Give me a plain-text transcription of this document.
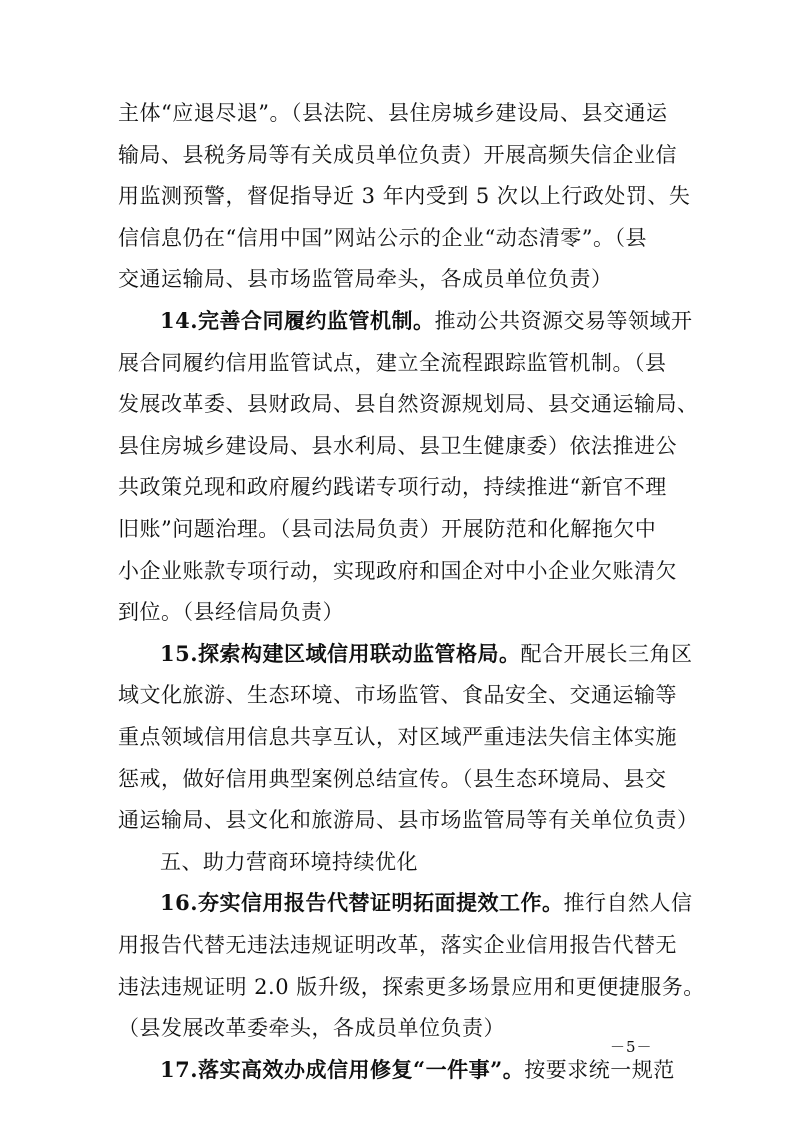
主体“应退尽退”。（县法院、县住房城乡建设局、县交通运
输局、县税务局等有关成员单位负责）开展高频失信企业信
用监测预警，督促指导近 3 年内受到 5 次以上行政处罚、失
信信息仍在“信用中国”网站公示的企业“动态清零”。（县
交通运输局、县市场监管局牵头，各成员单位负责）
14.完善合同履约监管机制。推动公共资源交易等领域开
展合同履约信用监管试点，建立全流程跟踪监管机制。（县
发展改革委、县财政局、县自然资源规划局、县交通运输局、
县住房城乡建设局、县水利局、县卫生健康委）依法推进公
共政策兑现和政府履约践诺专项行动，持续推进“新官不理
旧账”问题治理。（县司法局负责）开展防范和化解拖欠中
小企业账款专项行动，实现政府和国企对中小企业欠账清欠
到位。（县经信局负责）
15.探索构建区域信用联动监管格局。配合开展长三角区
域文化旅游、生态环境、市场监管、食品安全、交通运输等
重点领域信用信息共享互认，对区域严重违法失信主体实施
惩戒，做好信用典型案例总结宣传。（县生态环境局、县交
通运输局、县文化和旅游局、县市场监管局等有关单位负责）
五、助力营商环境持续优化
16.夯实信用报告代替证明拓面提效工作。推行自然人信
用报告代替无违法违规证明改革，落实企业信用报告代替无
违法违规证明 2.0 版升级，探索更多场景应用和更便捷服务。
（县发展改革委牵头，各成员单位负责）
17.落实高效办成信用修复“一件事”。按要求统一规范
－5－
